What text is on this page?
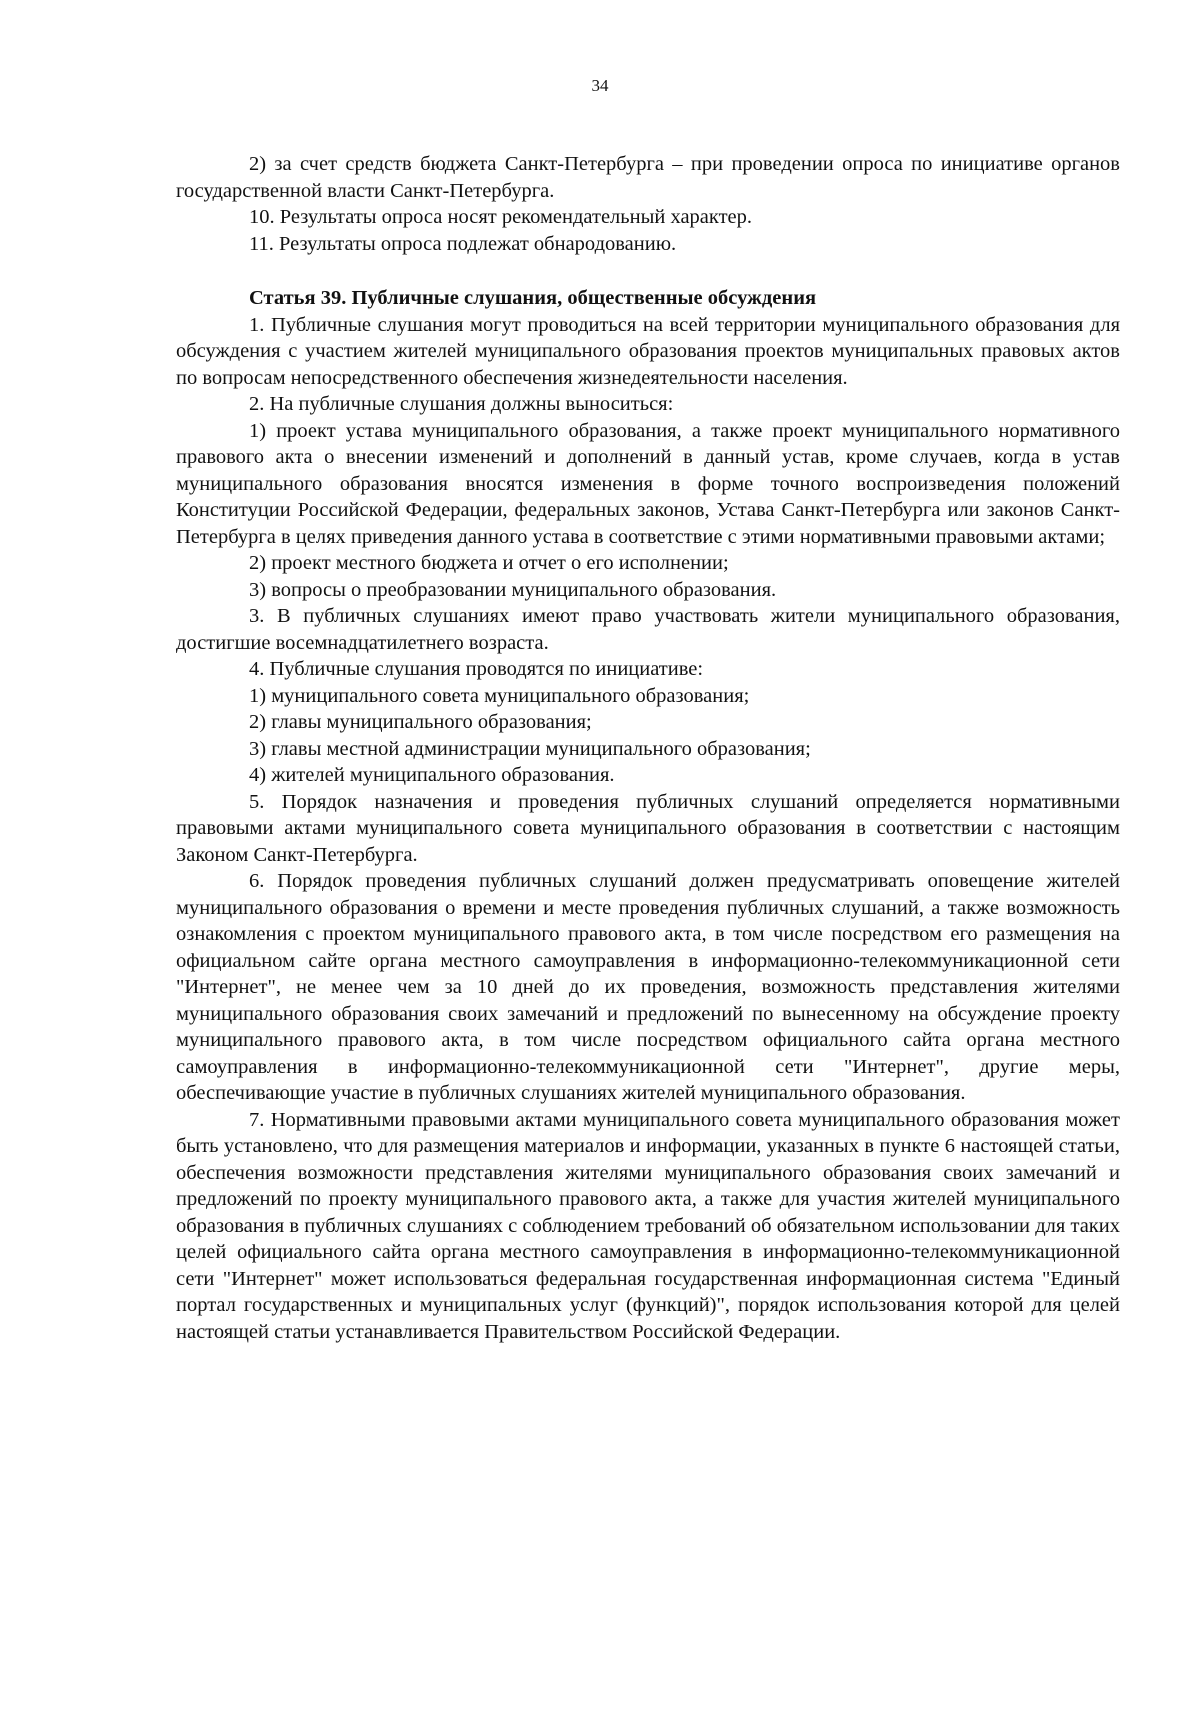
34

2) за счет средств бюджета Санкт-Петербурга – при проведении опроса по инициативе органов государственной власти Санкт-Петербурга.

10. Результаты опроса носят рекомендательный характер.

11. Результаты опроса подлежат обнародованию.

Статья 39. Публичные слушания, общественные обсуждения

1. Публичные слушания могут проводиться на всей территории муниципального образования для обсуждения с участием жителей муниципального образования проектов муниципальных правовых актов по вопросам непосредственного обеспечения жизнедеятельности населения.

2. На публичные слушания должны выноситься:

1) проект устава муниципального образования, а также проект муниципального нормативного правового акта о внесении изменений и дополнений в данный устав, кроме случаев, когда в устав муниципального образования вносятся изменения в форме точного воспроизведения положений Конституции Российской Федерации, федеральных законов, Устава Санкт-Петербурга или законов Санкт-Петербурга в целях приведения данного устава в соответствие с этими нормативными правовыми актами;

2) проект местного бюджета и отчет о его исполнении;

3) вопросы о преобразовании муниципального образования.

3. В публичных слушаниях имеют право участвовать жители муниципального образования, достигшие восемнадцатилетнего возраста.

4. Публичные слушания проводятся по инициативе:

1) муниципального совета муниципального образования;

2) главы муниципального образования;

3) главы местной администрации муниципального образования;

4) жителей муниципального образования.

5. Порядок назначения и проведения публичных слушаний определяется нормативными правовыми актами муниципального совета муниципального образования в соответствии с настоящим Законом Санкт-Петербурга.

6. Порядок проведения публичных слушаний должен предусматривать оповещение жителей муниципального образования о времени и месте проведения публичных слушаний, а также возможность ознакомления с проектом муниципального правового акта, в том числе посредством его размещения на официальном сайте органа местного самоуправления в информационно-телекоммуникационной сети "Интернет", не менее чем за 10 дней до их проведения, возможность представления жителями муниципального образования своих замечаний и предложений по вынесенному на обсуждение проекту муниципального правового акта, в том числе посредством официального сайта органа местного самоуправления в информационно-телекоммуникационной сети "Интернет", другие меры, обеспечивающие участие в публичных слушаниях жителей муниципального образования.

7. Нормативными правовыми актами муниципального совета муниципального образования может быть установлено, что для размещения материалов и информации, указанных в пункте 6 настоящей статьи, обеспечения возможности представления жителями муниципального образования своих замечаний и предложений по проекту муниципального правового акта, а также для участия жителей муниципального образования в публичных слушаниях с соблюдением требований об обязательном использовании для таких целей официального сайта органа местного самоуправления в информационно-телекоммуникационной сети "Интернет" может использоваться федеральная государственная информационная система "Единый портал государственных и муниципальных услуг (функций)", порядок использования которой для целей настоящей статьи устанавливается Правительством Российской Федерации.
